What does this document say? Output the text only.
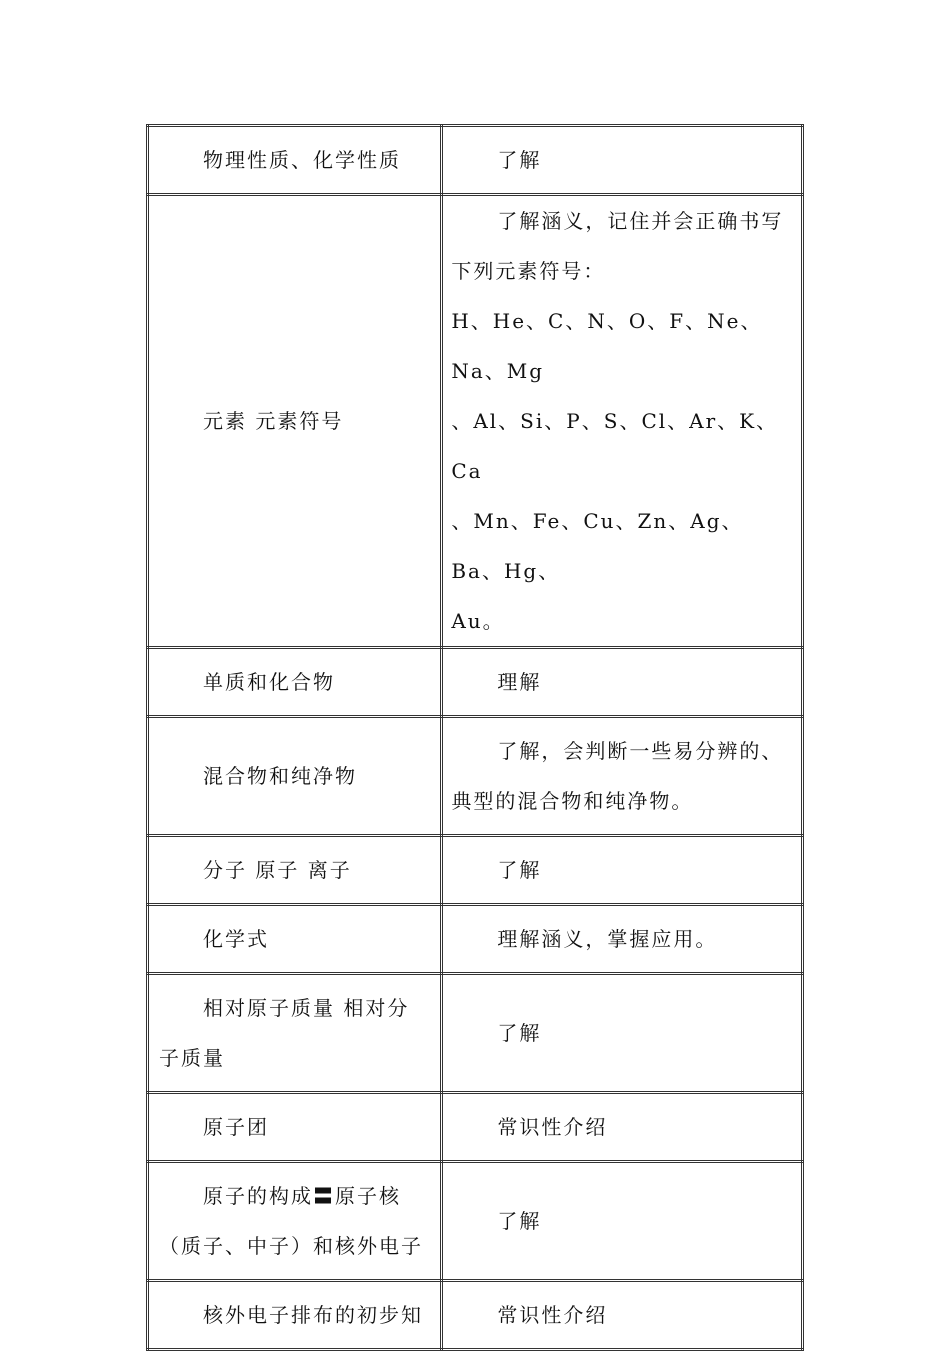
物理性质、化学性质	了解

元素 元素符号	了解涵义，记住并会正确书写下列元素符号：
H、He、C、N、O、F、Ne、Na、Mg
、Al、Si、P、S、Cl、Ar、K、Ca
、Mn、Fe、Cu、Zn、Ag、Ba、Hg、
Au。

单质和化合物	理解

混合物和纯净物	了解，会判断一些易分辨的、典型的混合物和纯净物。

分子 原子 离子	了解

化学式	理解涵义，掌握应用。

相对原子质量 相对分子质量	了解

原子团	常识性介绍

原子的构成〓原子核（质子、中子）和核外电子	了解

核外电子排布的初步知	常识性介绍
